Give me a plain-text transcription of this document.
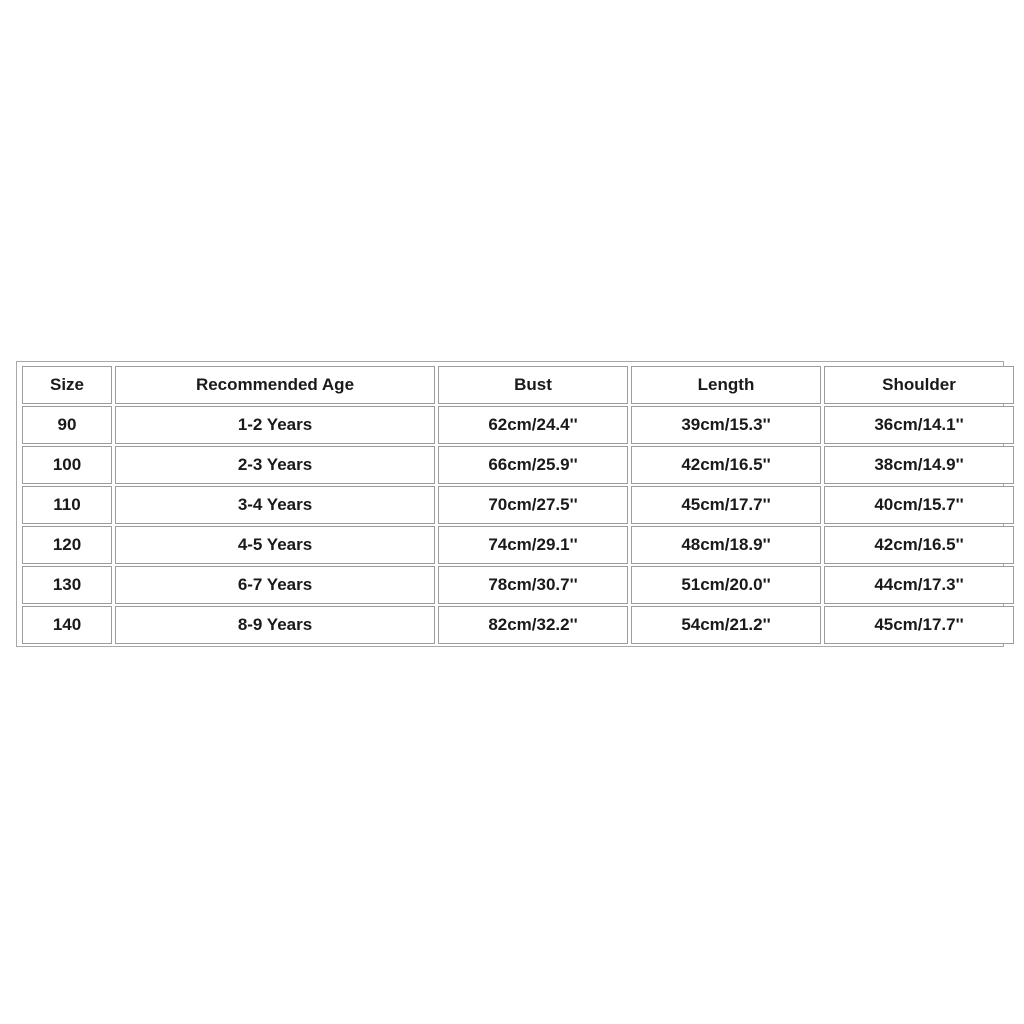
Size	Recommended Age	Bust	Length	Shoulder
90	1-2 Years	62cm/24.4''	39cm/15.3''	36cm/14.1''
100	2-3 Years	66cm/25.9''	42cm/16.5''	38cm/14.9''
110	3-4 Years	70cm/27.5''	45cm/17.7''	40cm/15.7''
120	4-5 Years	74cm/29.1''	48cm/18.9''	42cm/16.5''
130	6-7 Years	78cm/30.7''	51cm/20.0''	44cm/17.3''
140	8-9 Years	82cm/32.2''	54cm/21.2''	45cm/17.7''
